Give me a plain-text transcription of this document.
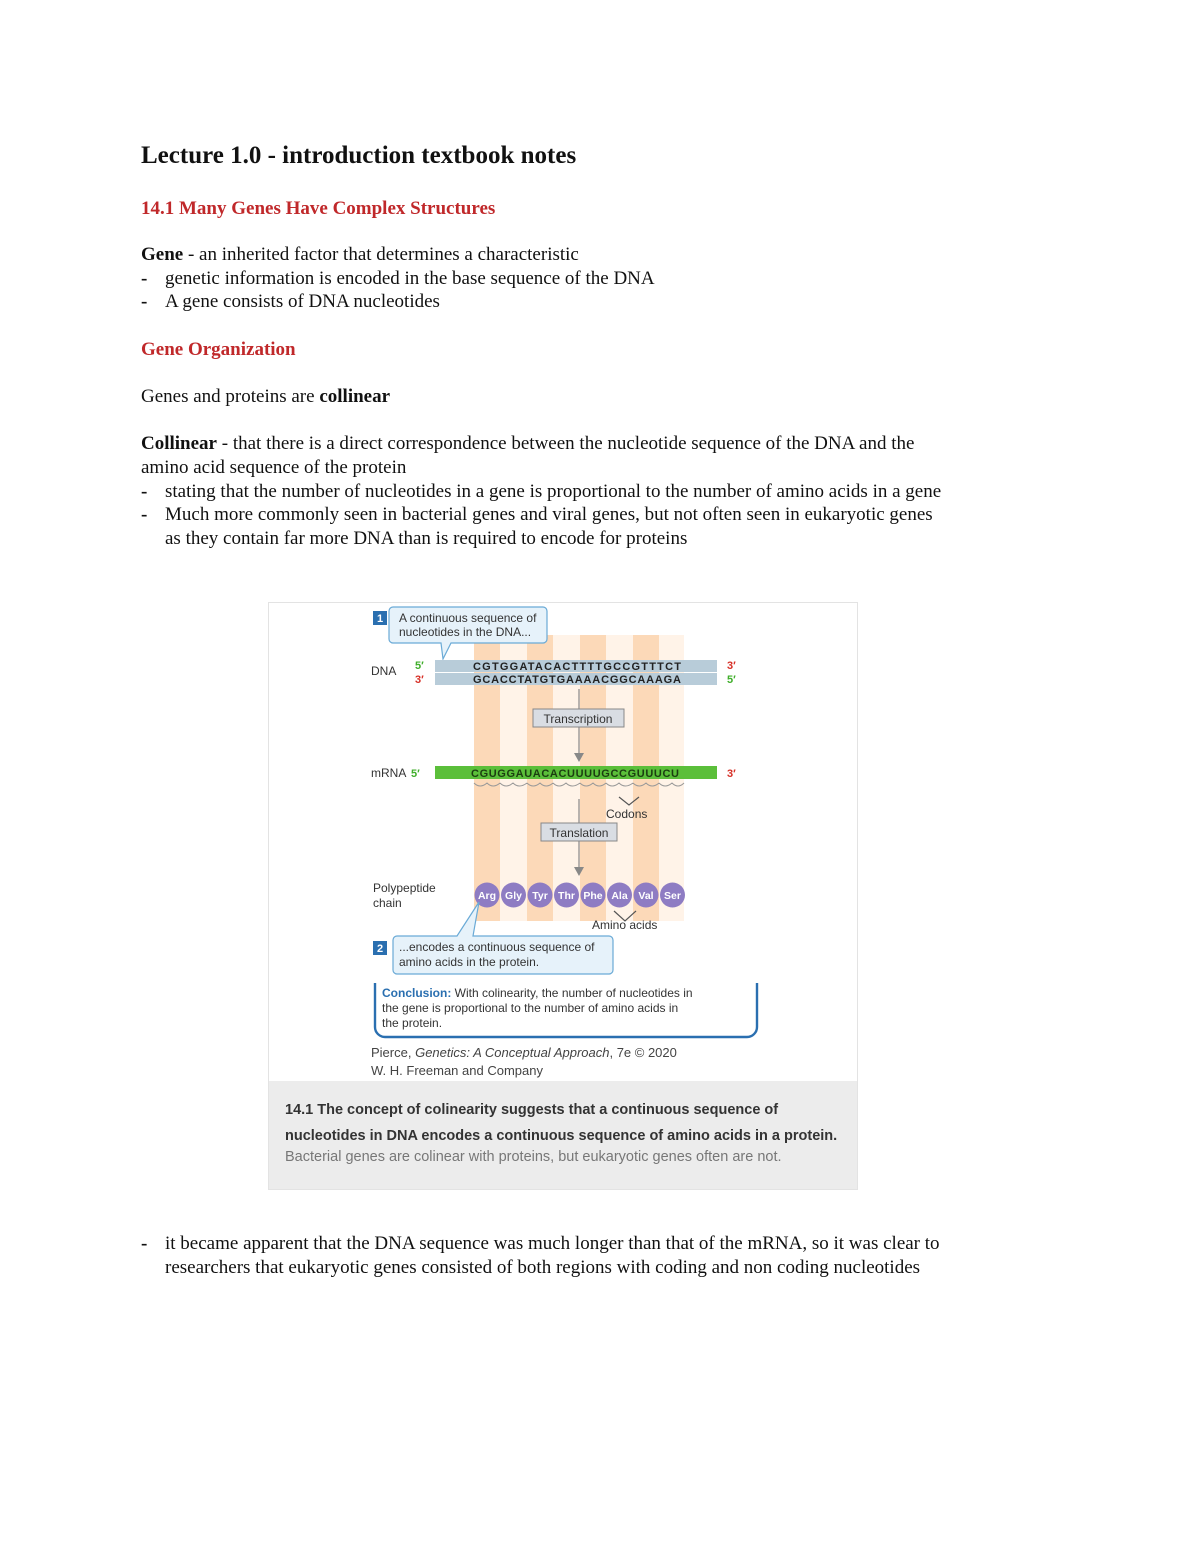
Lecture 1.0 - introduction textbook notes
14.1 Many Genes Have Complex Structures
Gene - an inherited factor that determines a characteristic
- genetic information is encoded in the base sequence of the DNA
- A gene consists of DNA nucleotides
Gene Organization
Genes and proteins are collinear
Collinear - that there is a direct correspondence between the nucleotide sequence of the DNA and the
amino acid sequence of the protein
- stating that the number of nucleotides in a gene is proportional to the number of amino acids in a gene
- Much more commonly seen in bacterial genes and viral genes, but not often seen in eukaryotic genes
as they contain far more DNA than is required to encode for proteins
1 A continuous sequence of
nucleotides in the DNA...
DNA 5′
3′
CGTGGATACACTTTTGCCGTTTCT
GCACCTATGTGAAAACGGCAAAGA
3′
5′
Transcription
mRNA 5′	CGUGGAUACACUUUUGCCGUUUCU	3′
Codons
Translation
Polypeptide
chain	Arg Gly Tyr Thr Phe Ala Val Ser
Amino acids
2 ...encodes a continuous sequence of
amino acids in the protein.
Conclusion: With colinearity, the number of nucleotides in
the gene is proportional to the number of amino acids in
the protein.
Pierce, Genetics: A Conceptual Approach, 7e © 2020
W. H. Freeman and Company
14.1 The concept of colinearity suggests that a continuous sequence of nucleotides in DNA encodes a continuous sequence of amino acids in a protein.
Bacterial genes are colinear with proteins, but eukaryotic genes often are not.
- it became apparent that the DNA sequence was much longer than that of the mRNA, so it was clear to
researchers that eukaryotic genes consisted of both regions with coding and non coding nucleotides
